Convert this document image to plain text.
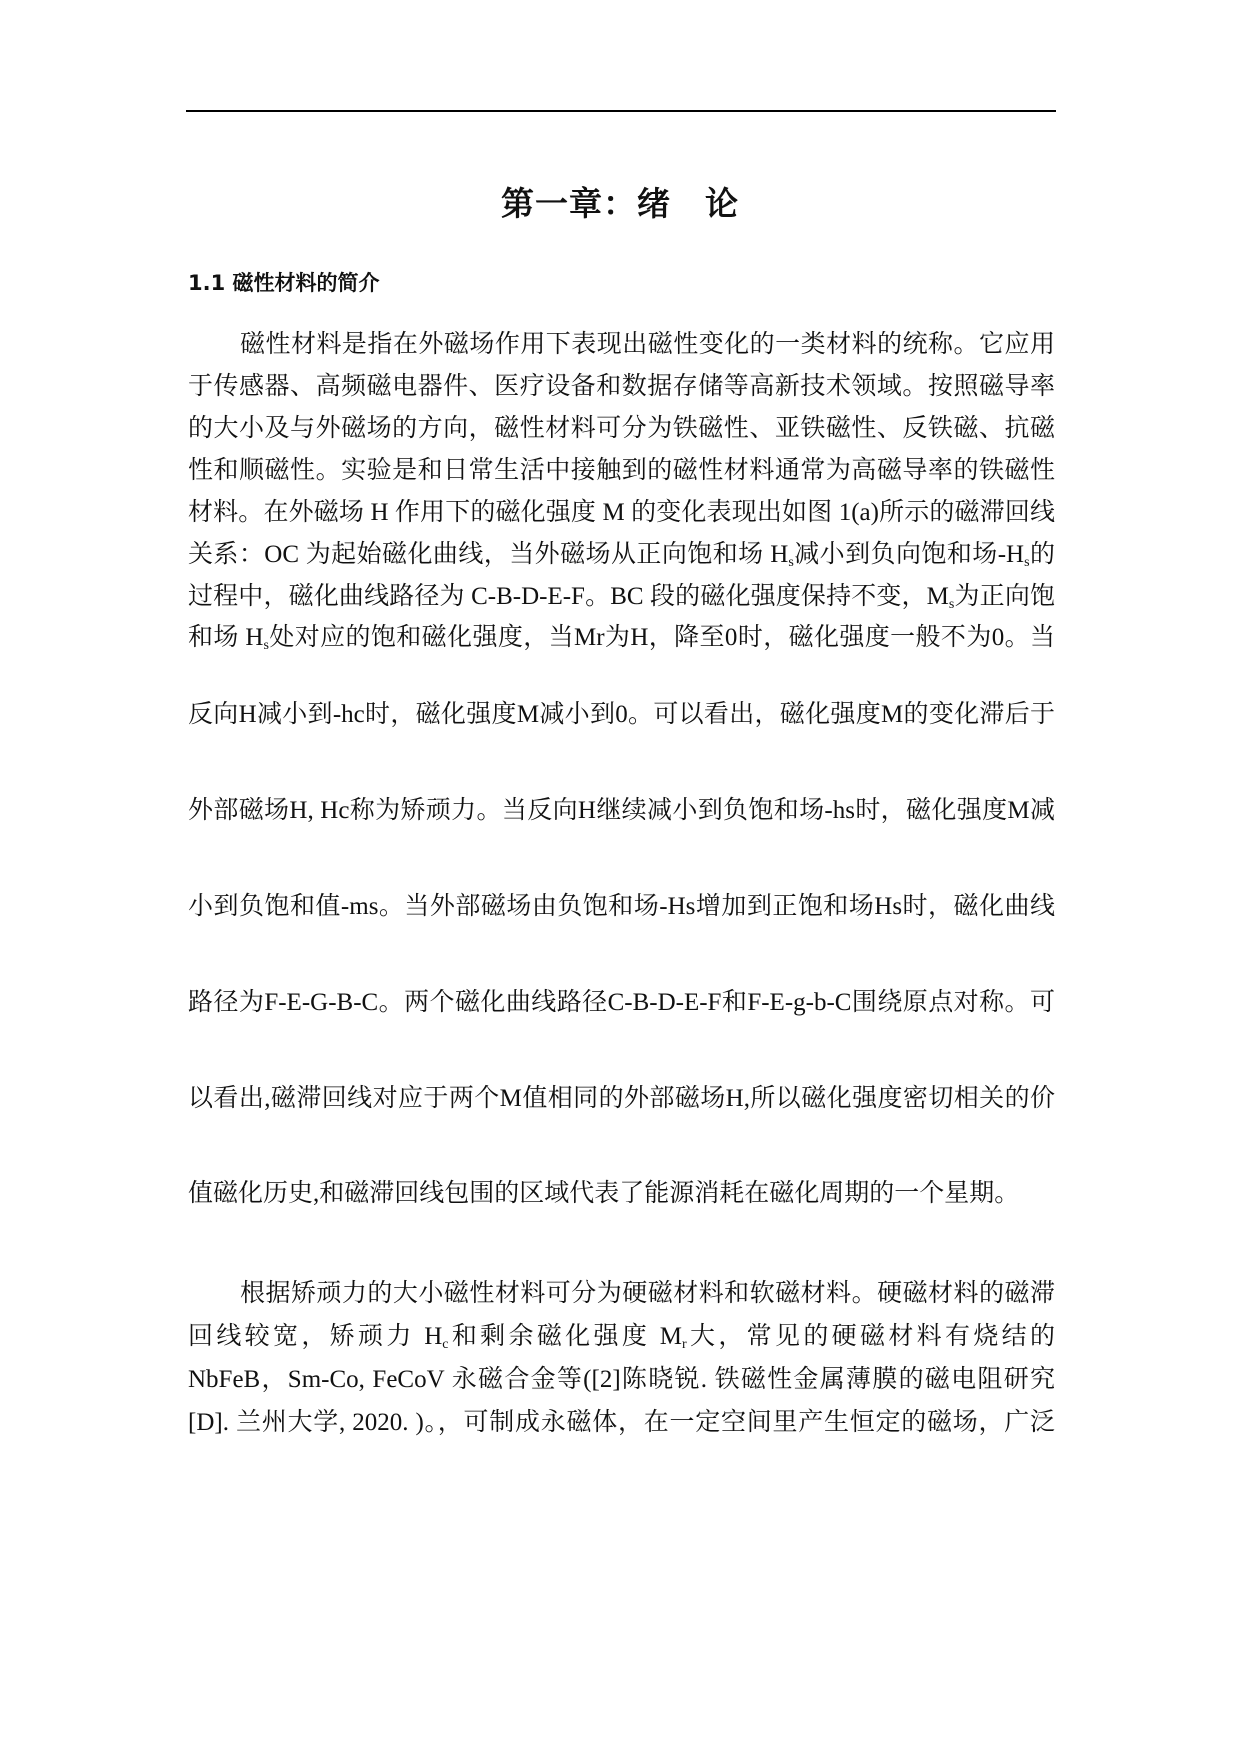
第一章：绪　论
1.1 磁性材料的简介
磁性材料是指在外磁场作用下表现出磁性变化的一类材料的统称。它应用
于传感器、高频磁电器件、医疗设备和数据存储等高新技术领域。按照磁导率
的大小及与外磁场的方向，磁性材料可分为铁磁性、亚铁磁性、反铁磁、抗磁
性和顺磁性。实验是和日常生活中接触到的磁性材料通常为高磁导率的铁磁性
材料。在外磁场 H 作用下的磁化强度 M 的变化表现出如图 1(a)所示的磁滞回线
关系：OC 为起始磁化曲线，当外磁场从正向饱和场 $H_s$减小到负向饱和场$-H_s$的
过程中，磁化曲线路径为 C-B-D-E-F。BC 段的磁化强度保持不变，$M_s$为正向饱
和场 $H_s$处对应的饱和磁化强度，当Mr为H，降至0时，磁化强度一般不为0。当
反向H减小到-hc时，磁化强度M减小到0。可以看出，磁化强度M的变化滞后于
外部磁场H, Hc称为矫顽力。当反向H继续减小到负饱和场-hs时，磁化强度M减
小到负饱和值-ms。当外部磁场由负饱和场-Hs增加到正饱和场Hs时，磁化曲线
路径为F-E-G-B-C。两个磁化曲线路径C-B-D-E-F和F-E-g-b-C围绕原点对称。可
以看出,磁滞回线对应于两个M值相同的外部磁场H,所以磁化强度密切相关的价
值磁化历史,和磁滞回线包围的区域代表了能源消耗在磁化周期的一个星期。
根据矫顽力的大小磁性材料可分为硬磁材料和软磁材料。硬磁材料的磁滞
回线较宽，矫顽力 $H_c$和剩余磁化强度 $M_r$大，常见的硬磁材料有烧结的
NbFeB，Sm-Co, FeCoV 永磁合金等([2]陈晓锐. 铁磁性金属薄膜的磁电阻研究
[D]. 兰州大学, 2020. )。，可制成永磁体，在一定空间里产生恒定的磁场，广泛
